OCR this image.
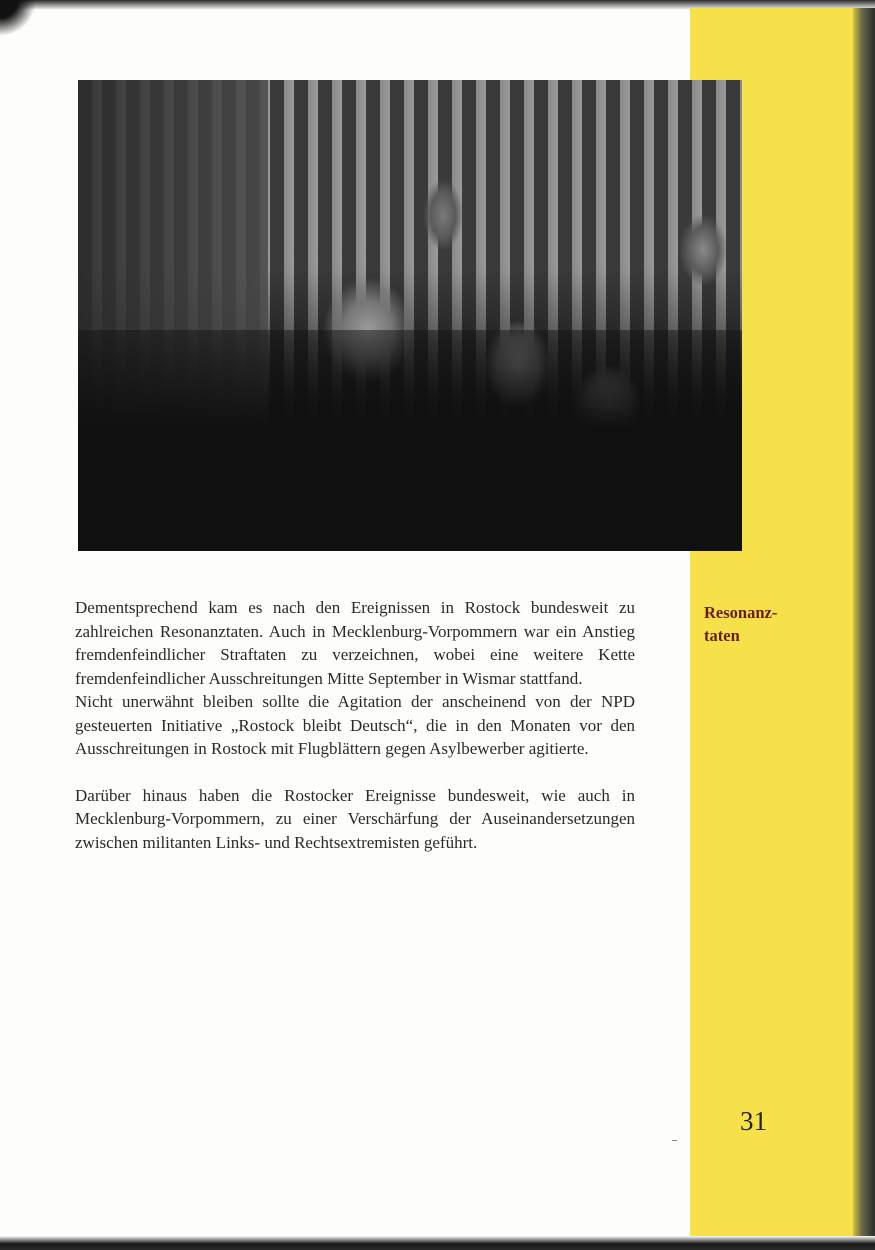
Dementsprechend kam es nach den Ereignissen in Rostock bundesweit zu zahlreichen Resonanztaten. Auch in Mecklenburg-Vorpommern war ein Anstieg fremdenfeindlicher Straftaten zu verzeichnen, wobei eine weitere Kette fremdenfeindlicher Ausschreitungen Mitte September in Wismar stattfand.

Nicht unerwähnt bleiben sollte die Agitation der anscheinend von der NPD gesteuerten Initiative „Rostock bleibt Deutsch“, die in den Monaten vor den Ausschreitungen in Rostock mit Flugblättern gegen Asylbewerber agitierte.

Darüber hinaus haben die Rostocker Ereignisse bundesweit, wie auch in Mecklenburg-Vorpommern, zu einer Verschärfung der Auseinandersetzungen zwischen militanten Links- und Rechtsextremisten geführt.

Resonanz-
taten
31
